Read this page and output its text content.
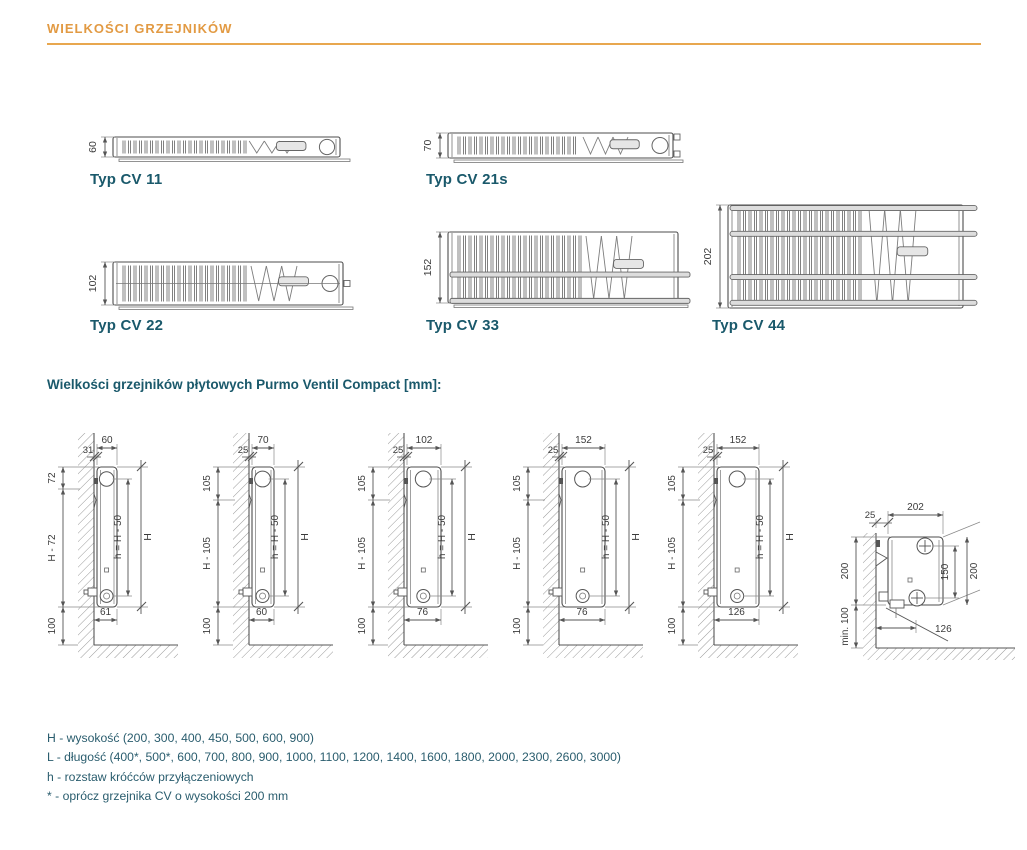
60	70
102
152
202
60
31
72
H - 72
100
h = H - 50 H
61
70
25
105
H - 105
100
h = H - 50 H
60
102
25
105
H - 105
100
h = H - 50 H
76
152
25
105
H - 105
100
h = H - 50 H
76
152
25
105
H - 105
100
h = H - 50 H
126
202
25
200
min. 100
150 200
126
WIELKOŚCI GRZEJNIKÓW
Typ CV 11	Typ CV 21s
Typ CV 22	Typ CV 33	Typ CV 44
Wielkości grzejników płytowych Purmo Ventil Compact [mm]:
H - wysokość (200, 300, 400, 450, 500, 600, 900)
L - długość (400*, 500*, 600, 700, 800, 900, 1000, 1100, 1200, 1400, 1600, 1800, 2000, 2300, 2600, 3000)
h - rozstaw króćców przyłączeniowych
* - oprócz grzejnika CV o wysokości 200 mm
